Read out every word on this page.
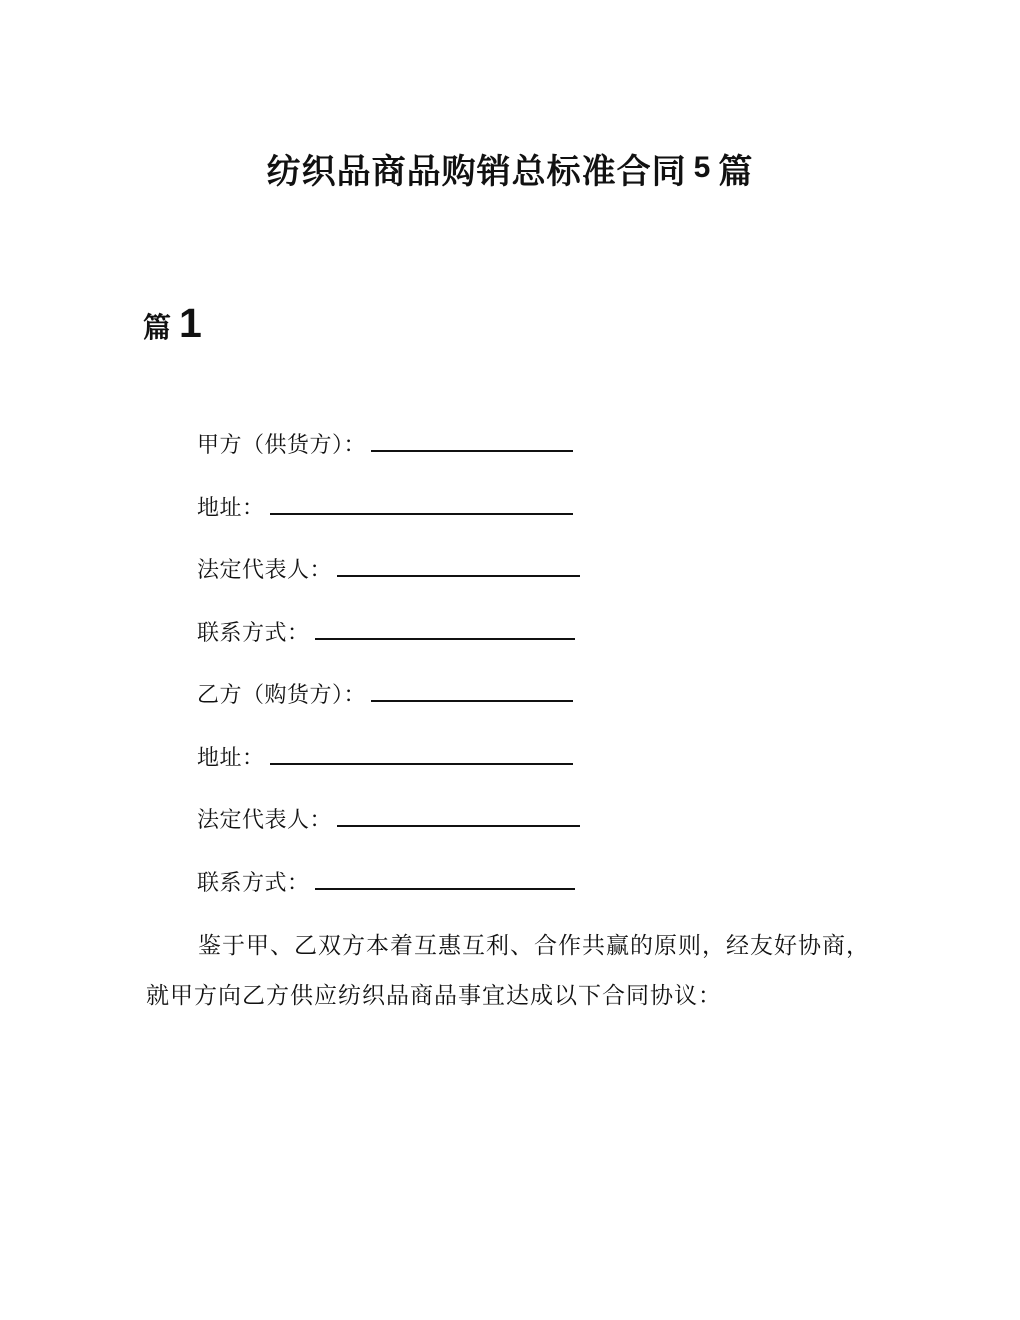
纺织品商品购销总标准合同 5 篇
篇 1
甲方（供货方）：
地址：
法定代表人：
联系方式：
乙方（购货方）：
地址：
法定代表人：
联系方式：
鉴于甲、乙双方本着互惠互利、合作共赢的原则，经友好协商，
就甲方向乙方供应纺织品商品事宜达成以下合同协议：
